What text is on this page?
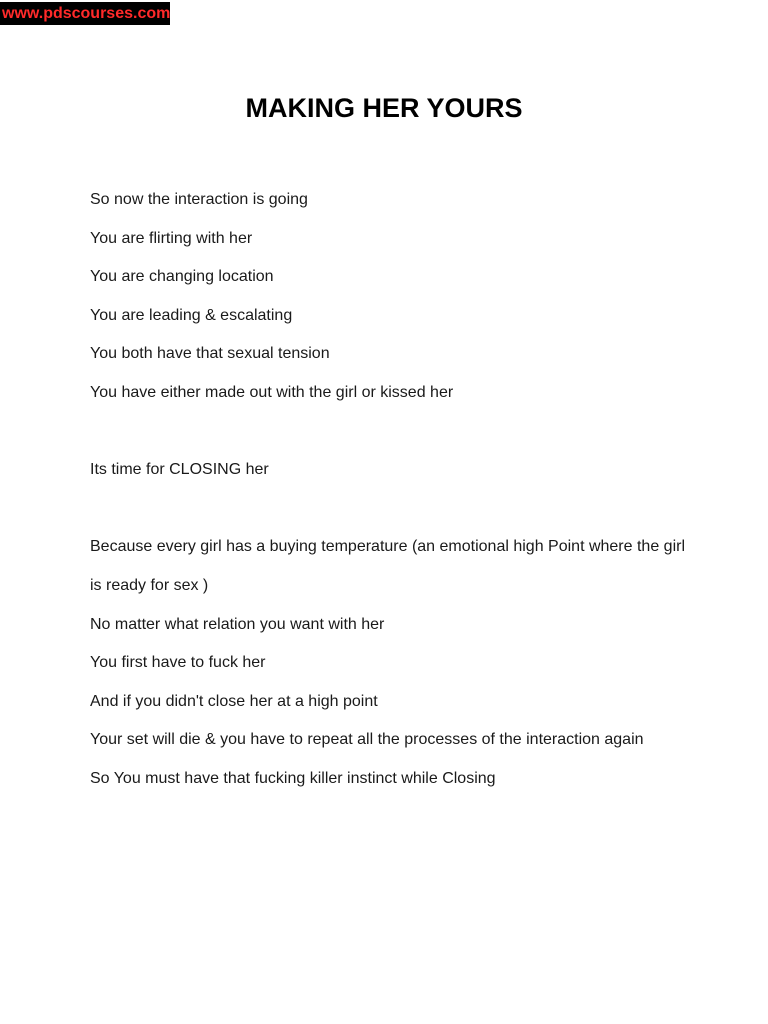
www.pdscourses.com
MAKING HER YOURS

So now the interaction is going

You are flirting with her

You are changing location

You are leading & escalating

You both have that sexual tension

You have either made out with the girl or kissed her

Its time for CLOSING her

Because every girl has a buying temperature (an emotional high Point where the girl is ready for sex )

No matter what relation you want with her

You first have to fuck her

And if you didn't close her at a high point

Your set will die & you have to repeat all the processes of the interaction again

So You must have that fucking killer instinct while Closing
